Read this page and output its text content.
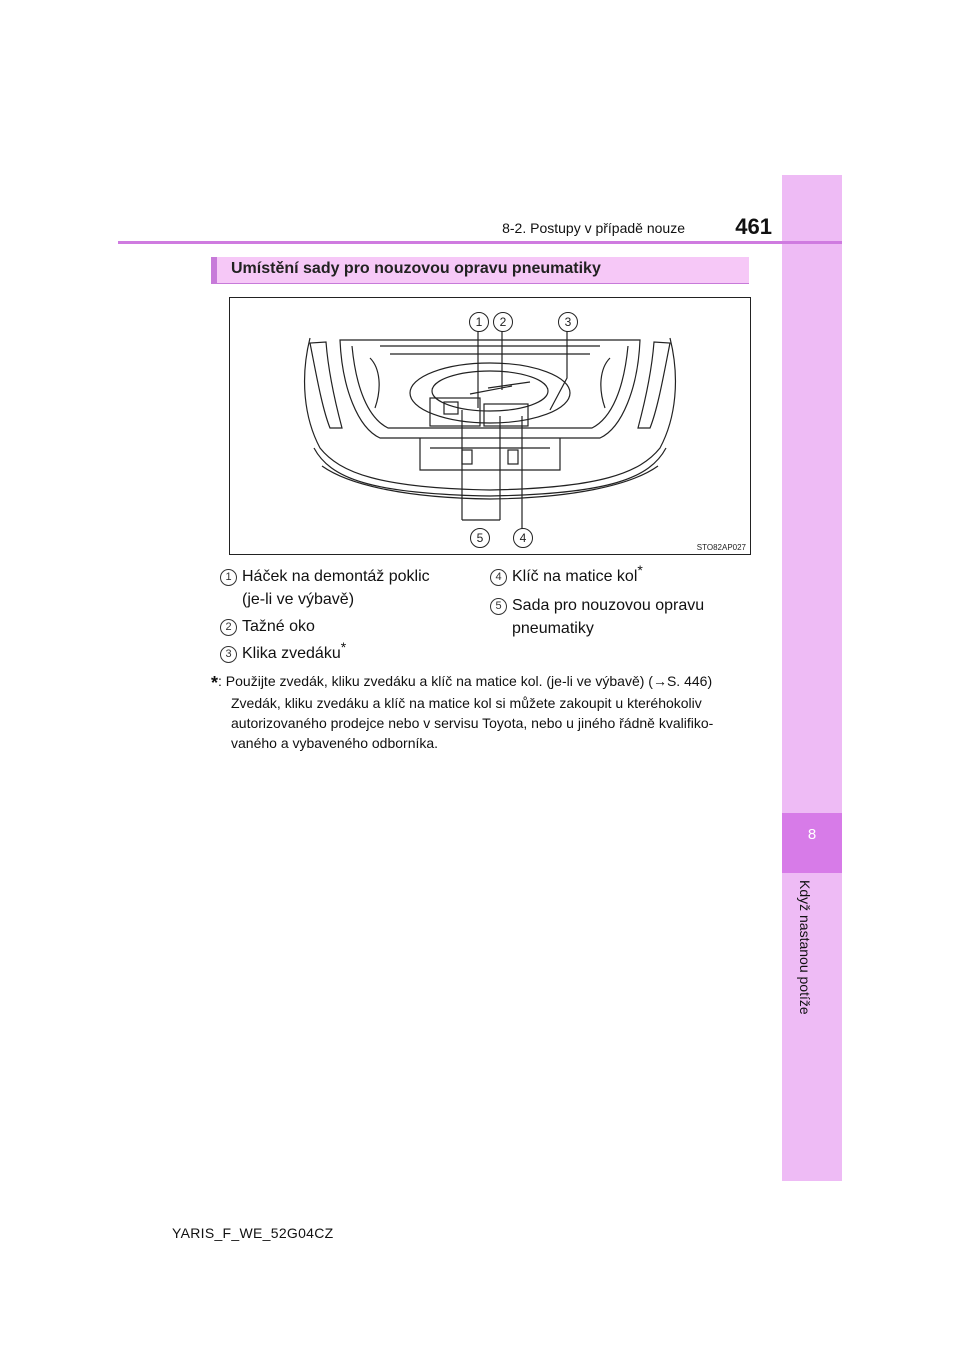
8
Když nastanou potíže
8-2. Postupy v případě nouze	461
Umístění sady pro nouzovou opravu pneumatiky
1	2	3
5	4
STO82AP027
1 Háček na demontáž poklic
(je-li ve výbavě)
2 Tažné oko
3 Klika zvedáku*
4 Klíč na matice kol*
5 Sada pro nouzovou opravu
pneumatiky
*: Použijte zvedák, kliku zvedáku a klíč na matice kol. (je-li ve výbavě) (→S. 446)
Zvedák, kliku zvedáku a klíč na matice kol si můžete zakoupit u kteréhokoliv
autorizovaného prodejce nebo v servisu Toyota, nebo u jiného řádně kvalifiko-
vaného a vybaveného odborníka.
YARIS_F_WE_52G04CZ
